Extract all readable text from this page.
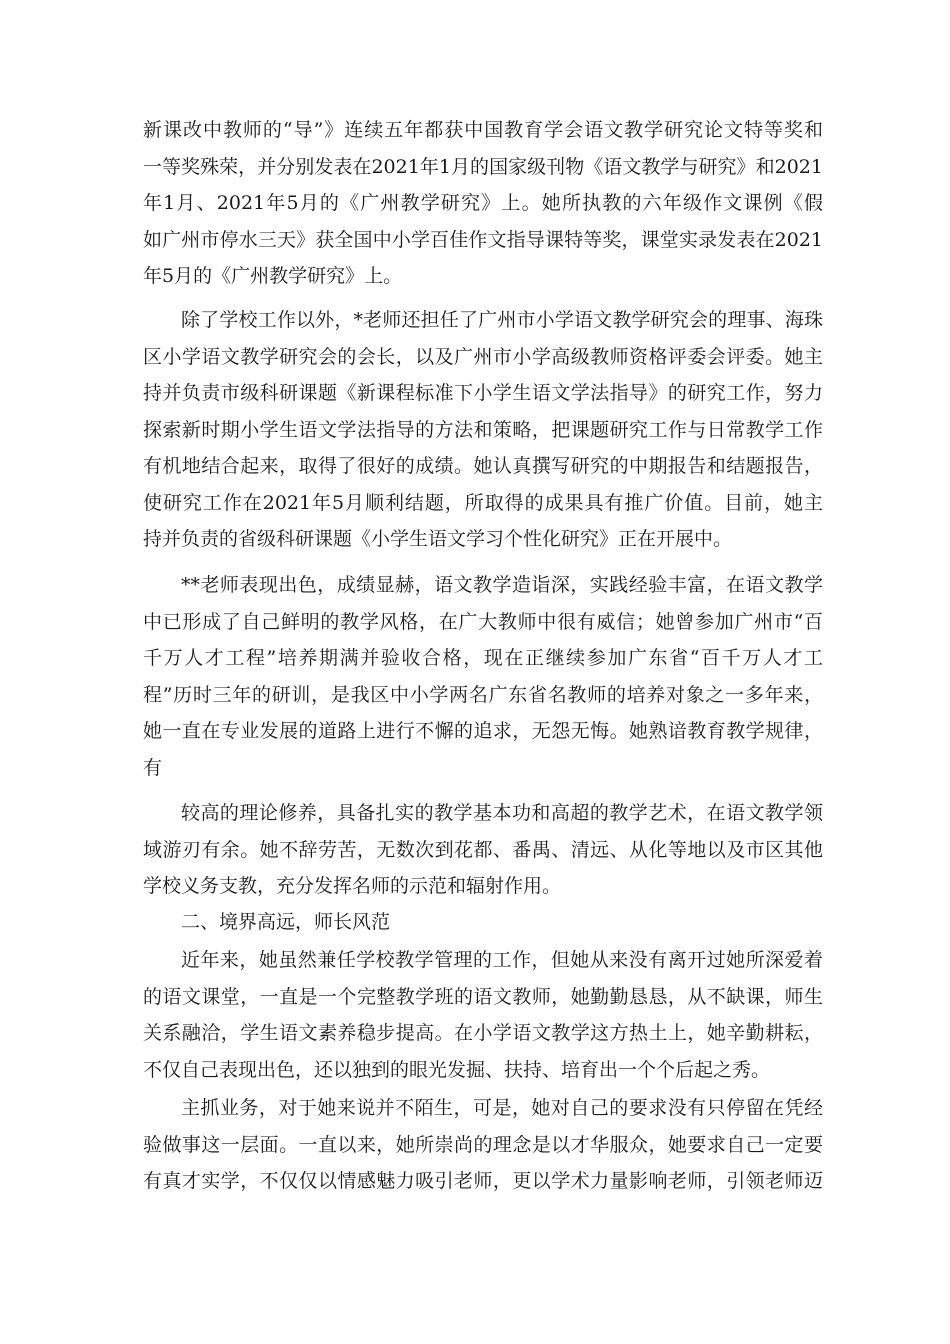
新课改中教师的“导”》连续五年都获中国教育学会语文教学研究论文特等奖和
一等奖殊荣，并分别发表在2021年1月的国家级刊物《语文教学与研究》和2021
年1月、2021年5月的《广州教学研究》上。她所执教的六年级作文课例《假
如广州市停水三天》获全国中小学百佳作文指导课特等奖，课堂实录发表在2021
年5月的《广州教学研究》上。
除了学校工作以外，*老师还担任了广州市小学语文教学研究会的理事、海珠
区小学语文教学研究会的会长，以及广州市小学高级教师资格评委会评委。她主
持并负责市级科研课题《新课程标准下小学生语文学法指导》的研究工作，努力
探索新时期小学生语文学法指导的方法和策略，把课题研究工作与日常教学工作
有机地结合起来，取得了很好的成绩。她认真撰写研究的中期报告和结题报告，
使研究工作在2021年5月顺利结题，所取得的成果具有推广价值。目前，她主
持并负责的省级科研课题《小学生语文学习个性化研究》正在开展中。
**老师表现出色，成绩显赫，语文教学造诣深，实践经验丰富，在语文教学
中已形成了自己鲜明的教学风格，在广大教师中很有威信；她曾参加广州市“百
千万人才工程”培养期满并验收合格，现在正继续参加广东省“百千万人才工
程”历时三年的研训，是我区中小学两名广东省名教师的培养对象之一多年来，
她一直在专业发展的道路上进行不懈的追求，无怨无悔。她熟谙教育教学规律，
有
较高的理论修养，具备扎实的教学基本功和高超的教学艺术，在语文教学领
域游刃有余。她不辞劳苦，无数次到花都、番禺、清远、从化等地以及市区其他
学校义务支教，充分发挥名师的示范和辐射作用。
二、境界高远，师长风范
近年来，她虽然兼任学校教学管理的工作，但她从来没有离开过她所深爱着
的语文课堂，一直是一个完整教学班的语文教师，她勤勤恳恳，从不缺课，师生
关系融洽，学生语文素养稳步提高。在小学语文教学这方热土上，她辛勤耕耘，
不仅自己表现出色，还以独到的眼光发掘、扶持、培育出一个个后起之秀。
主抓业务，对于她来说并不陌生，可是，她对自己的要求没有只停留在凭经
验做事这一层面。一直以来，她所崇尚的理念是以才华服众，她要求自己一定要
有真才实学，不仅仅以情感魅力吸引老师，更以学术力量影响老师，引领老师迈
